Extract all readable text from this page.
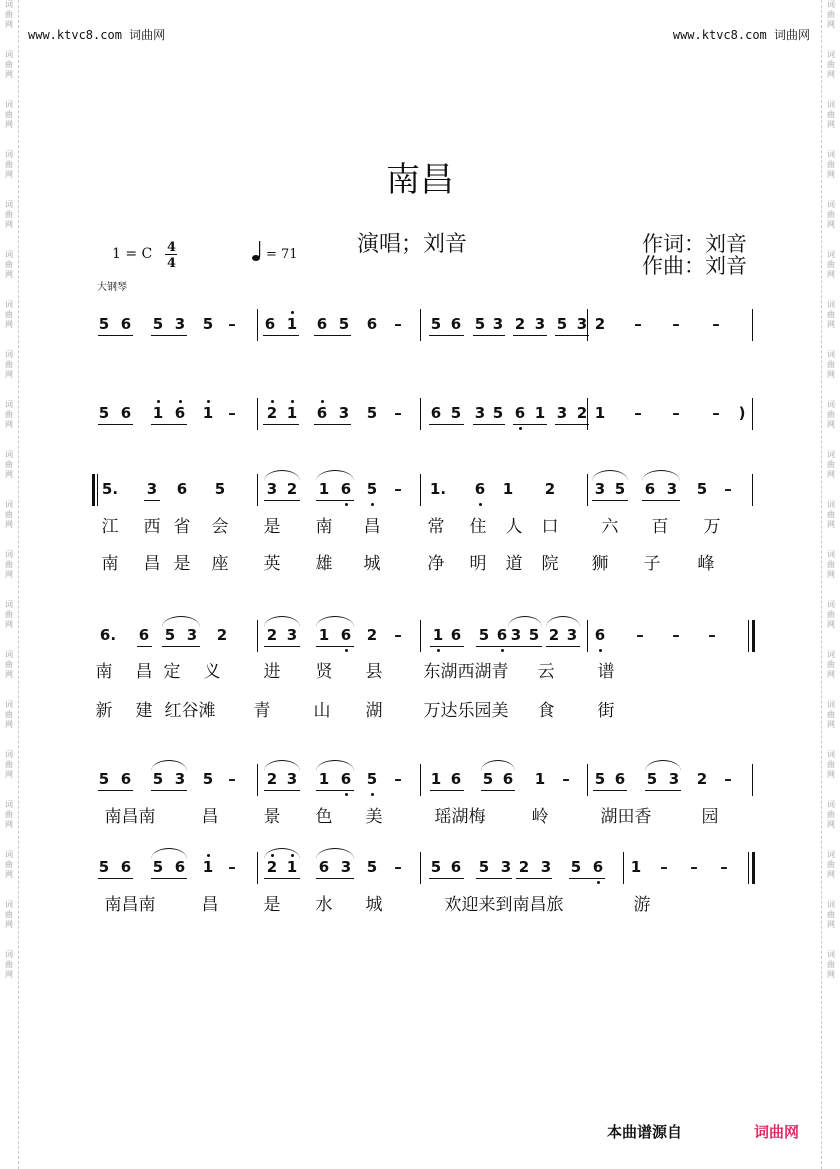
词
曲
网

词
曲
网

词
曲
网

词
曲
网

词
曲
网

词
曲
网

词
曲
网

词
曲
网

词
曲
网

词
曲
网

词
曲
网

词
曲
网

词
曲
网

词
曲
网

词
曲
网

词
曲
网

词
曲
网

词
曲
网

词
曲
网

词
曲
网

词
曲
网

词
曲
网

词
曲
网

词
曲
网

词
曲
网

词
曲
网

词
曲
网

词
曲
网

词
曲
网

词
曲
网

词
曲
网

词
曲
网

词
曲
网

词
曲
网

词
曲
网

词
曲
网

词
曲
网

词
曲
网

词
曲
网

词
曲
网

www.ktvc8.com 词曲网	www.ktvc8.com 词曲网
南昌
1 = C 4
4
= 71	演唱；刘音	作词：刘音
作曲：刘音
大钢琴
5 6 5 3 5 – 6 1 6 5 6 – 5 6 5 3 2 3 5 3 2 – – –
5 6 1 6 1 – 2 1 6 3 5 – 6 5 3 5 6 1 3 2 1 – – – )
5. 3 6 5	3 2 1 6 5 – 1. 6 1 2	3 5 6 3 5 –
6. 6 5 3 2	2 3 1 6 2 – 1 6 5 6 3 5 2 3 6 – – –
5 6 5 3 5 – 2 3 1 6 5 – 1 6 5 6 1 – 5 6 5 3 2 –
5 6 5 6 1 – 2 1 6 3 5 – 5 6 5 3 2 3 5 6 1 – – –
江 西 省 会 是 南 昌	常 住 人 口	六 百 万
南 昌 是 座 英 雄 城	净 明 道 院 狮 子 峰
南 昌 定 义	进 贤 县 东湖西湖青 云	谱
新 建 红谷滩 青	山 湖 万达乐园美 食	街
南昌南	昌	景 色 美	瑶湖梅	岭	湖田香	园
南昌南	昌	是 水 城	欢迎来到南昌旅	游
本曲谱源自	词曲网
